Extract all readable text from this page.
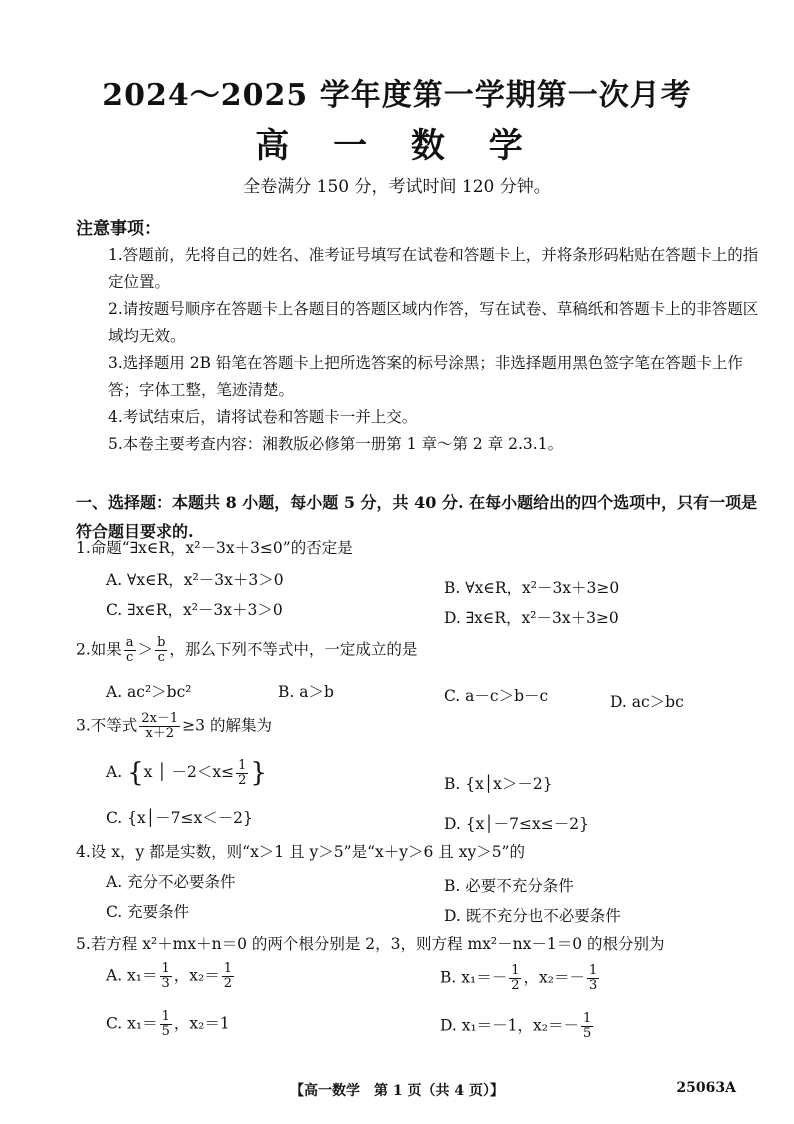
2024～2025 学年度第一学期第一次月考
高 一 数 学
全卷满分 150 分，考试时间 120 分钟。
注意事项：

1.答题前，先将自己的姓名、准考证号填写在试卷和答题卡上，并将条形码粘贴在答题卡上的指定位置。

2.请按题号顺序在答题卡上各题目的答题区域内作答，写在试卷、草稿纸和答题卡上的非答题区域均无效。

3.选择题用 2B 铅笔在答题卡上把所选答案的标号涂黑；非选择题用黑色签字笔在答题卡上作答；字体工整，笔迹清楚。

4.考试结束后，请将试卷和答题卡一并上交。

5.本卷主要考查内容：湘教版必修第一册第 1 章～第 2 章 2.3.1。

一、选择题：本题共 8 小题，每小题 5 分，共 40 分. 在每小题给出的四个选项中，只有一项是符合题目要求的.
1.命题“∃x∈R，x²－3x＋3≤0”的否定是
A. ∀x∈R，x²－3x＋3＞0	B. ∀x∈R，x²－3x＋3≥0
C. ∃x∈R，x²－3x＋3＞0	D. ∃x∈R，x²－3x＋3≥0
2.如果 $\frac{a}{c} > \frac{b}{c}$ ，那么下列不等式中，一定成立的是
A. ac²＞bc²	B. a＞b	C. a－c＞b－c	D. ac＞bc
3.不等式 $\frac{2x-1}{x+2} \ge 3$ 的解集为
A. {x │ $-2<x\le \frac{1}{2}$ }	B. {x│x＞－2}
C. {x│－7≤x＜－2}	D. {x│－7≤x≤－2}
4.设 x，y 都是实数，则“x＞1 且 y＞5”是“x＋y＞6 且 xy＞5”的
A. 充分不必要条件	B. 必要不充分条件
C. 充要条件	D. 既不充分也不必要条件
5.若方程 x²＋mx＋n＝0 的两个根分别是 2，3，则方程 mx²－nx－1＝0 的根分别为
A. $x_1= \frac{1}{3}$ ，$x_2= \frac{1}{2}$	B. $x_1=- \frac{1}{2}$ ，$x_2=- \frac{1}{3}$
C. $x_1= \frac{1}{5}$ ，x₂＝1	D. x₁＝－1，$x_2=- \frac{1}{5}$
【高一数学　第 1 页（共 4 页）】	25063A
